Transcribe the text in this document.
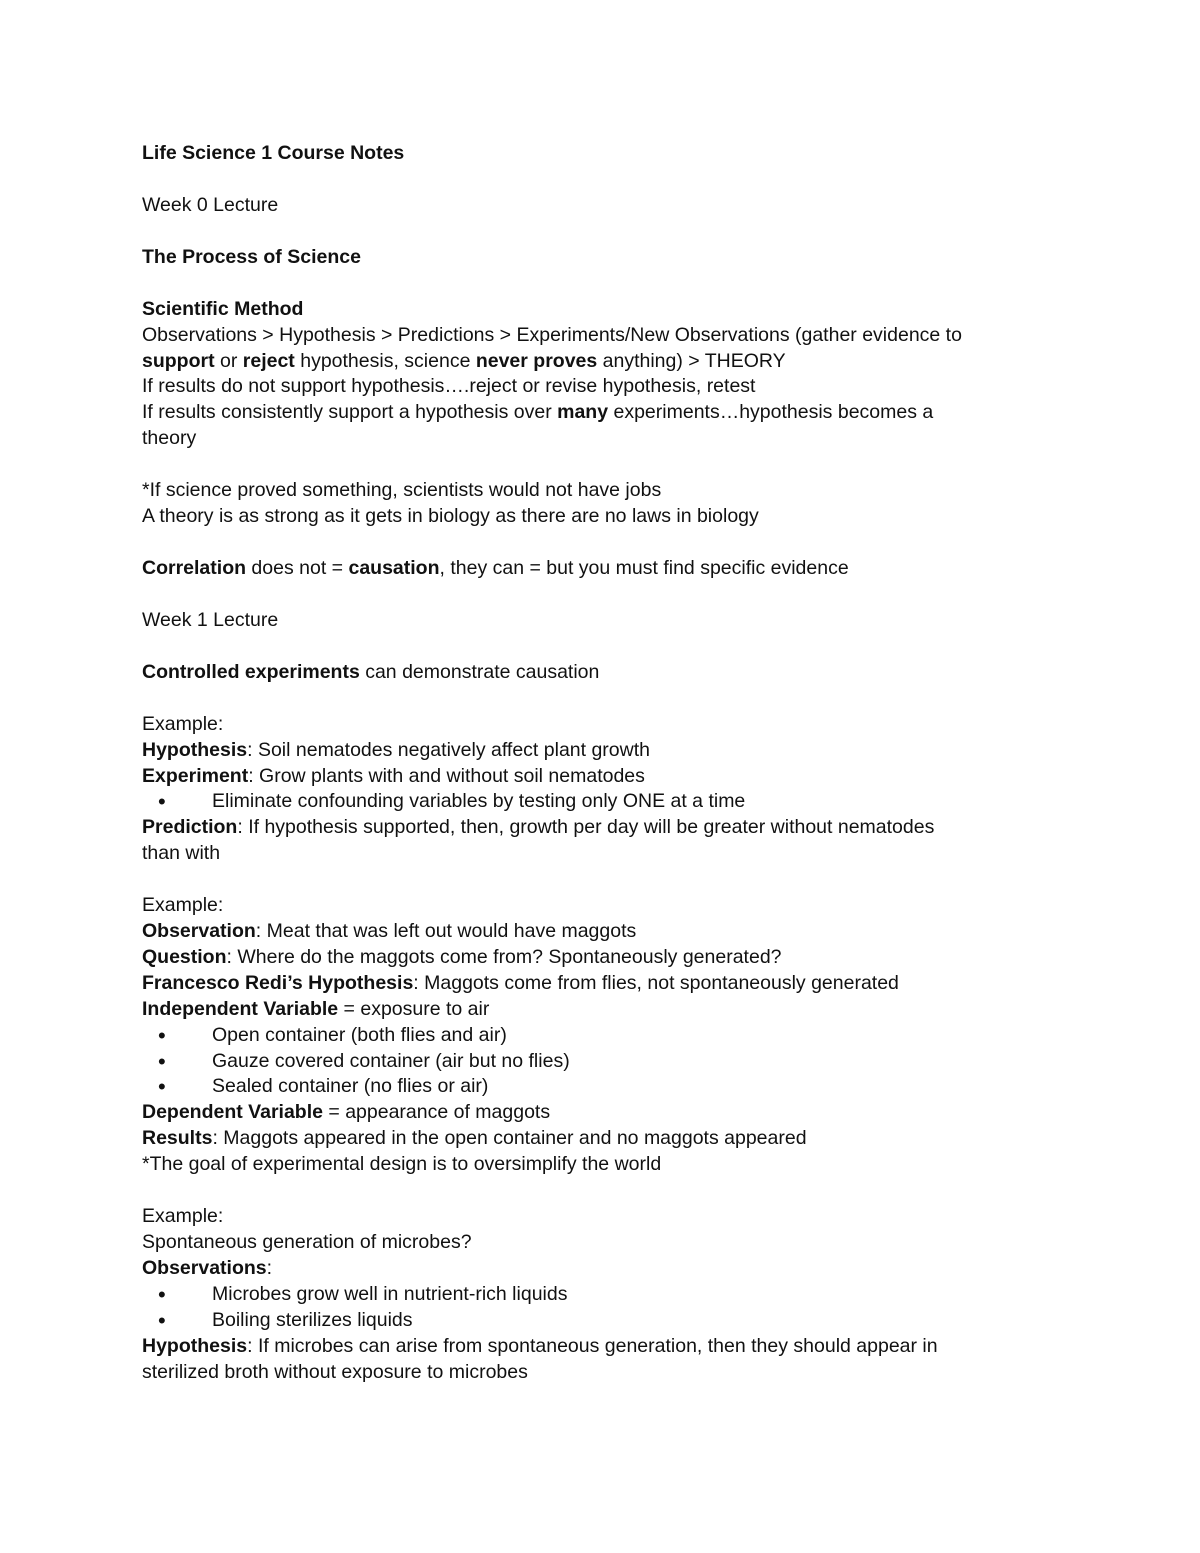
Life Science 1 Course Notes
Week 0 Lecture
The Process of Science
Scientific Method
Observations > Hypothesis > Predictions > Experiments/New Observations (gather evidence to
support or reject hypothesis, science never proves anything) > THEORY
If results do not support hypothesis….reject or revise hypothesis, retest
If results consistently support a hypothesis over many experiments…hypothesis becomes a
theory
*If science proved something, scientists would not have jobs
A theory is as strong as it gets in biology as there are no laws in biology
Correlation does not = causation, they can = but you must find specific evidence
Week 1 Lecture
Controlled experiments can demonstrate causation
Example:
Hypothesis: Soil nematodes negatively affect plant growth
Experiment: Grow plants with and without soil nematodes
• Eliminate confounding variables by testing only ONE at a time
Prediction: If hypothesis supported, then, growth per day will be greater without nematodes
than with
Example:
Observation: Meat that was left out would have maggots
Question: Where do the maggots come from? Spontaneously generated?
Francesco Redi’s Hypothesis: Maggots come from flies, not spontaneously generated
Independent Variable = exposure to air
• Open container (both flies and air)
• Gauze covered container (air but no flies)
• Sealed container (no flies or air)
Dependent Variable = appearance of maggots
Results: Maggots appeared in the open container and no maggots appeared
*The goal of experimental design is to oversimplify the world
Example:
Spontaneous generation of microbes?
Observations:
• Microbes grow well in nutrient-rich liquids
• Boiling sterilizes liquids
Hypothesis: If microbes can arise from spontaneous generation, then they should appear in
sterilized broth without exposure to microbes
